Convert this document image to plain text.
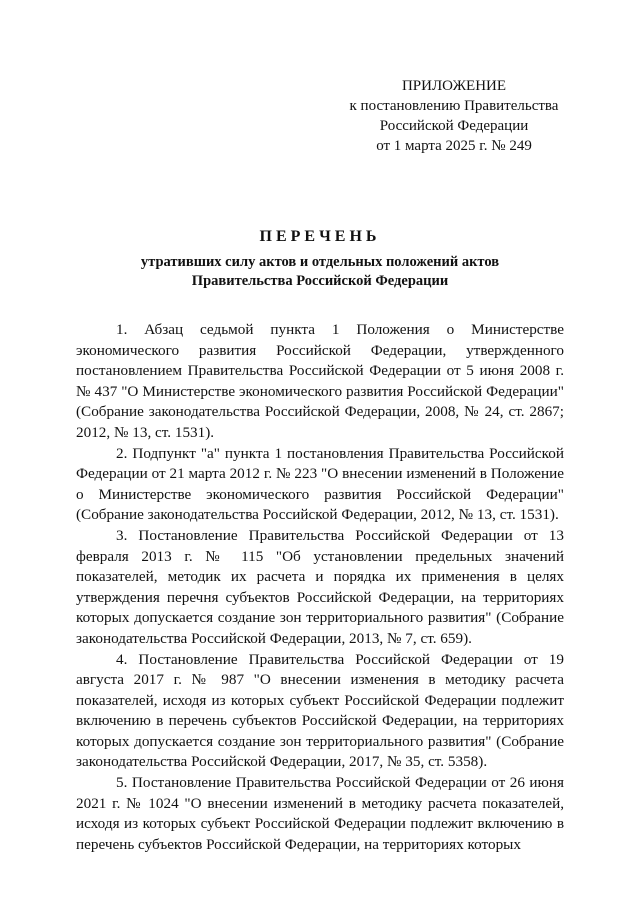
ПРИЛОЖЕНИЕ
к постановлению Правительства
Российской Федерации
от 1 марта 2025 г. № 249
ПЕРЕЧЕНЬ
утративших силу актов и отдельных положений актов
Правительства Российской Федерации

1. Абзац седьмой пункта 1 Положения о Министерстве экономического развития Российской Федерации, утвержденного постановлением Правительства Российской Федерации от 5 июня 2008 г. № 437 "О Министерстве экономического развития Российской Федерации" (Собрание законодательства Российской Федерации, 2008, № 24, ст. 2867; 2012, № 13, ст. 1531).

2. Подпункт "а" пункта 1 постановления Правительства Российской Федерации от 21 марта 2012 г. № 223 "О внесении изменений в Положение о Министерстве экономического развития Российской Федерации" (Собрание законодательства Российской Федерации, 2012, № 13, ст. 1531).

3. Постановление Правительства Российской Федерации от 13 февраля 2013 г. № 115 "Об установлении предельных значений показателей, методик их расчета и порядка их применения в целях утверждения перечня субъектов Российской Федерации, на территориях которых допускается создание зон территориального развития" (Собрание законодательства Российской Федерации, 2013, № 7, ст. 659).

4. Постановление Правительства Российской Федерации от 19 августа 2017 г. № 987 "О внесении изменения в методику расчета показателей, исходя из которых субъект Российской Федерации подлежит включению в перечень субъектов Российской Федерации, на территориях которых допускается создание зон территориального развития" (Собрание законодательства Российской Федерации, 2017, № 35, ст. 5358).

5. Постановление Правительства Российской Федерации от 26 июня 2021 г. № 1024 "О внесении изменений в методику расчета показателей, исходя из которых субъект Российской Федерации подлежит включению в перечень субъектов Российской Федерации, на территориях которых
